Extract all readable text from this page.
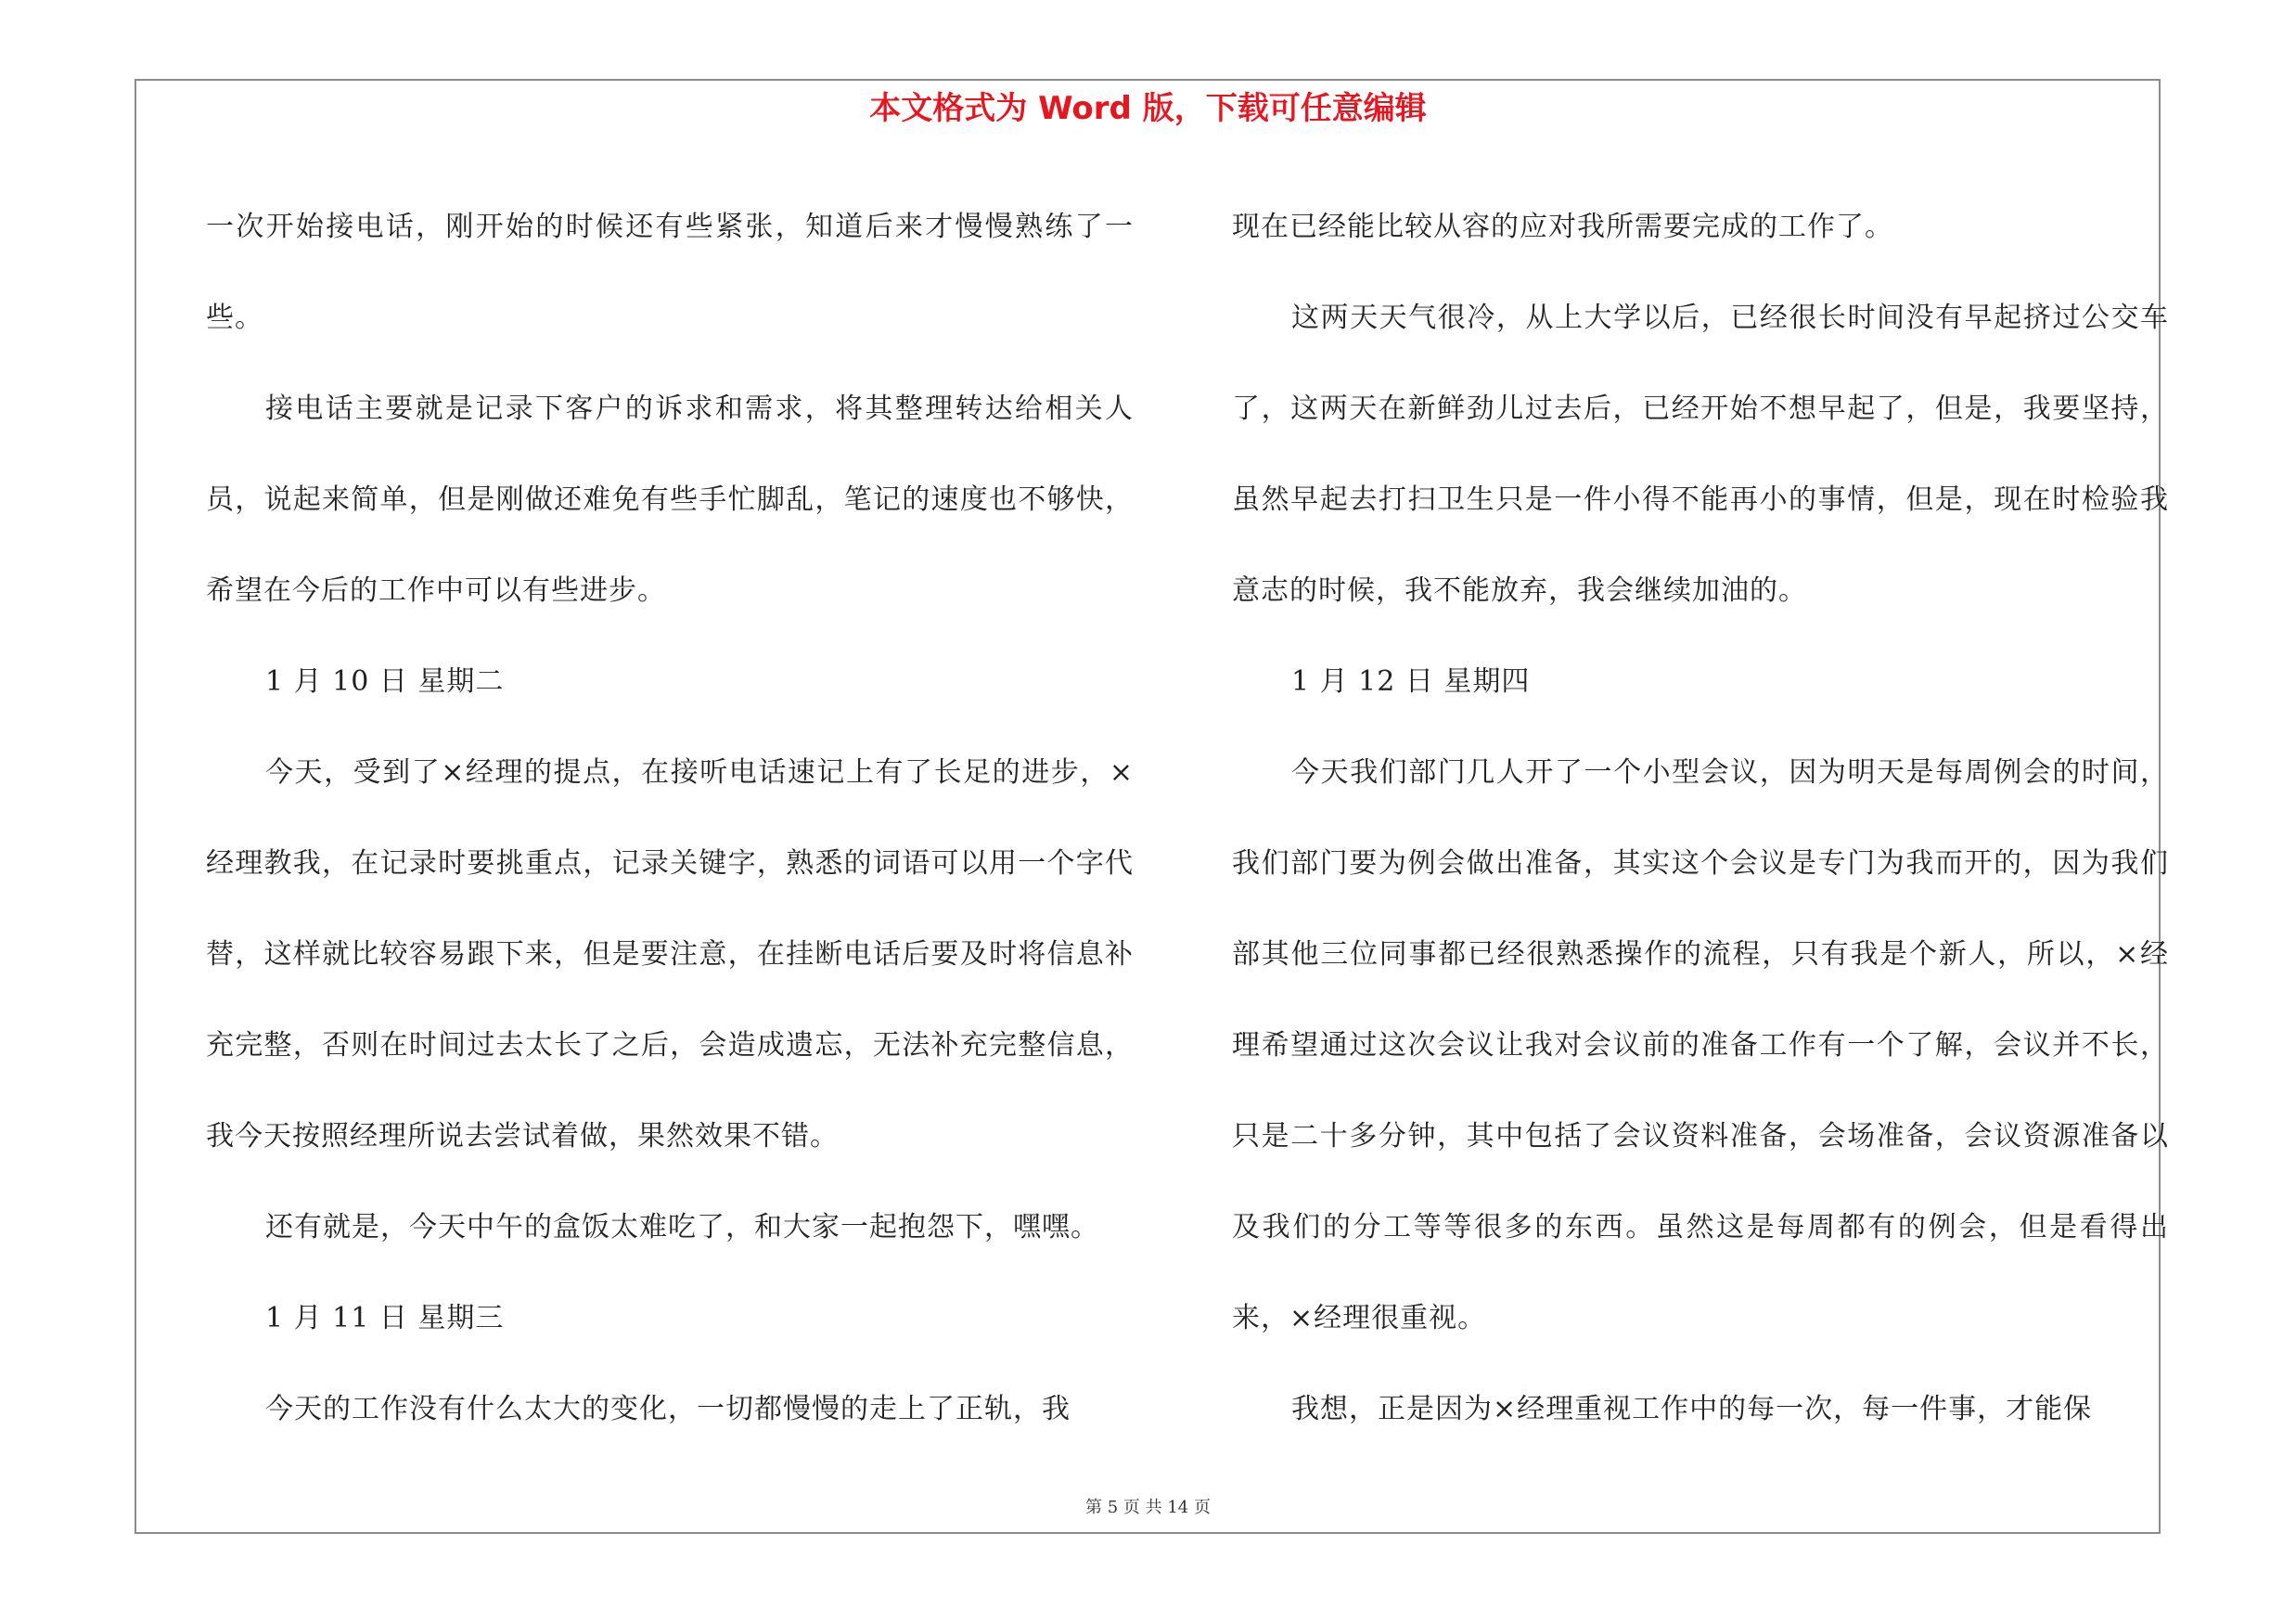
本文格式为 Word 版，下载可任意编辑

一次开始接电话，刚开始的时候还有些紧张，知道后来才慢慢熟练了一些。

接电话主要就是记录下客户的诉求和需求，将其整理转达给相关人员，说起来简单，但是刚做还难免有些手忙脚乱，笔记的速度也不够快，希望在今后的工作中可以有些进步。

1 月 10 日 星期二

今天，受到了×经理的提点，在接听电话速记上有了长足的进步，×经理教我，在记录时要挑重点，记录关键字，熟悉的词语可以用一个字代替，这样就比较容易跟下来，但是要注意，在挂断电话后要及时将信息补充完整，否则在时间过去太长了之后，会造成遗忘，无法补充完整信息，我今天按照经理所说去尝试着做，果然效果不错。

还有就是，今天中午的盒饭太难吃了，和大家一起抱怨下，嘿嘿。

1 月 11 日 星期三

今天的工作没有什么太大的变化，一切都慢慢的走上了正轨，我

现在已经能比较从容的应对我所需要完成的工作了。

这两天天气很冷，从上大学以后，已经很长时间没有早起挤过公交车了，这两天在新鲜劲儿过去后，已经开始不想早起了，但是，我要坚持，虽然早起去打扫卫生只是一件小得不能再小的事情，但是，现在时检验我意志的时候，我不能放弃，我会继续加油的。

1 月 12 日 星期四

今天我们部门几人开了一个小型会议，因为明天是每周例会的时间，我们部门要为例会做出准备，其实这个会议是专门为我而开的，因为我们部其他三位同事都已经很熟悉操作的流程，只有我是个新人，所以，×经理希望通过这次会议让我对会议前的准备工作有一个了解，会议并不长，只是二十多分钟，其中包括了会议资料准备，会场准备，会议资源准备以及我们的分工等等很多的东西。虽然这是每周都有的例会，但是看得出来，×经理很重视。

我想，正是因为×经理重视工作中的每一次，每一件事，才能保

第 5 页 共 14 页
